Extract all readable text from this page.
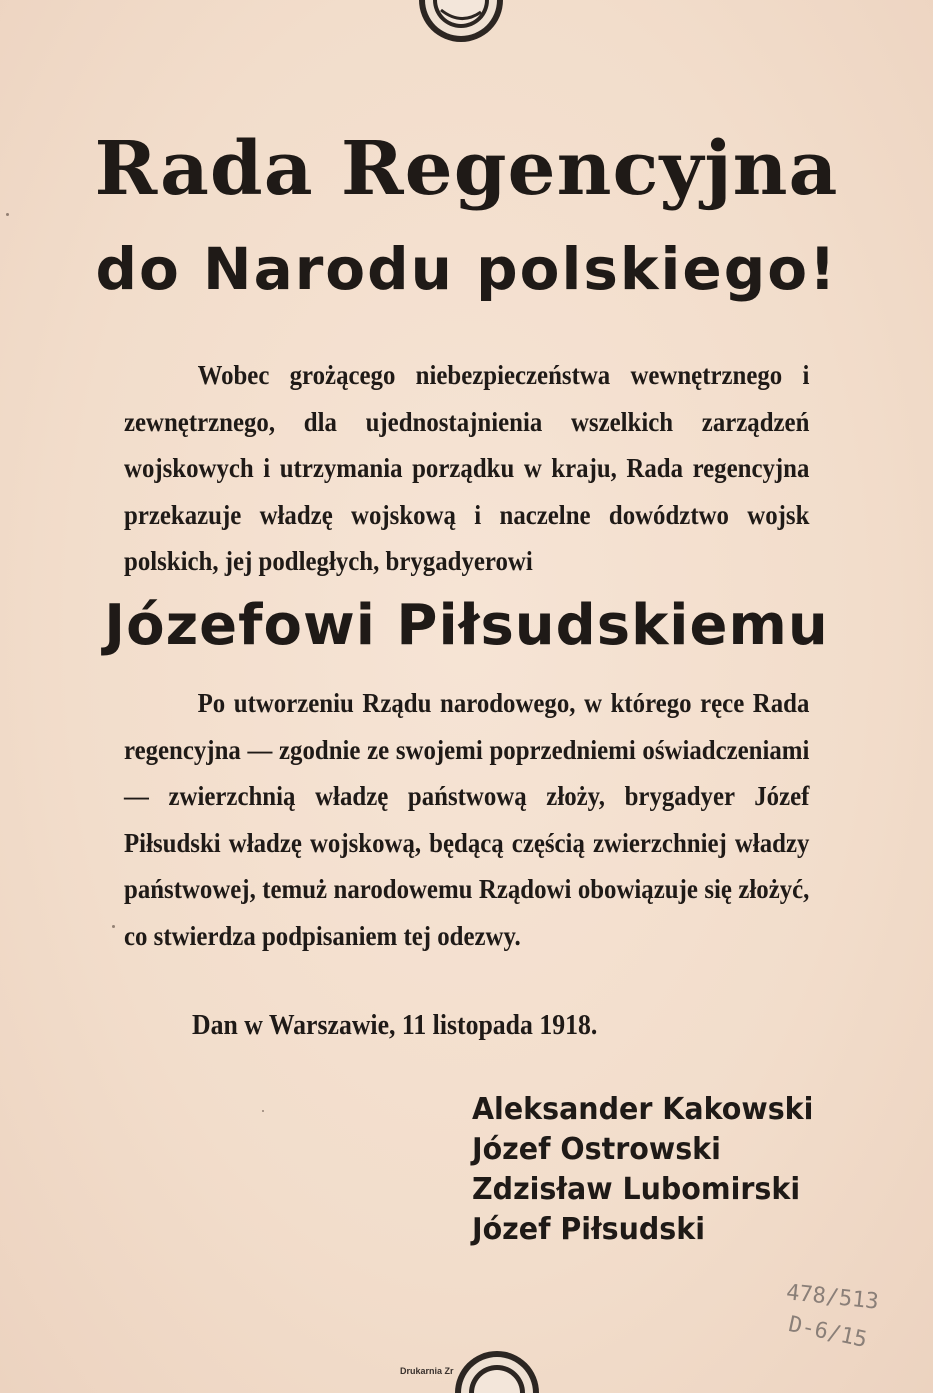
Rada Regencyjna
do Narodu polskiego!
Wobec grożącego niebezpieczeństwa wewnętrznego i zewnętrznego, dla ujednostajnienia wszelkich zarządzeń wojskowych i utrzymania porządku w kraju, Rada regencyjna przekazuje władzę wojskową i naczelne dowództwo wojsk polskich, jej podległych, brygadyerowi
Józefowi Piłsudskiemu
Po utworzeniu Rządu narodowego, w którego ręce Rada regencyjna — zgodnie ze swojemi poprzedniemi oświadczeniami — zwierzchnią władzę państwową złoży, brygadyer Józef Piłsudski władzę wojskową, będącą częścią zwierzchniej władzy państwowej, temuż narodowemu Rządowi obowiązuje się złożyć, co stwierdza podpisaniem tej odezwy.
Dan w Warszawie, 11 listopada 1918.
Aleksander Kakowski
Józef Ostrowski
Zdzisław Lubomirski
Józef Piłsudski
478/513
D-6/15
Drukarnia Zr
